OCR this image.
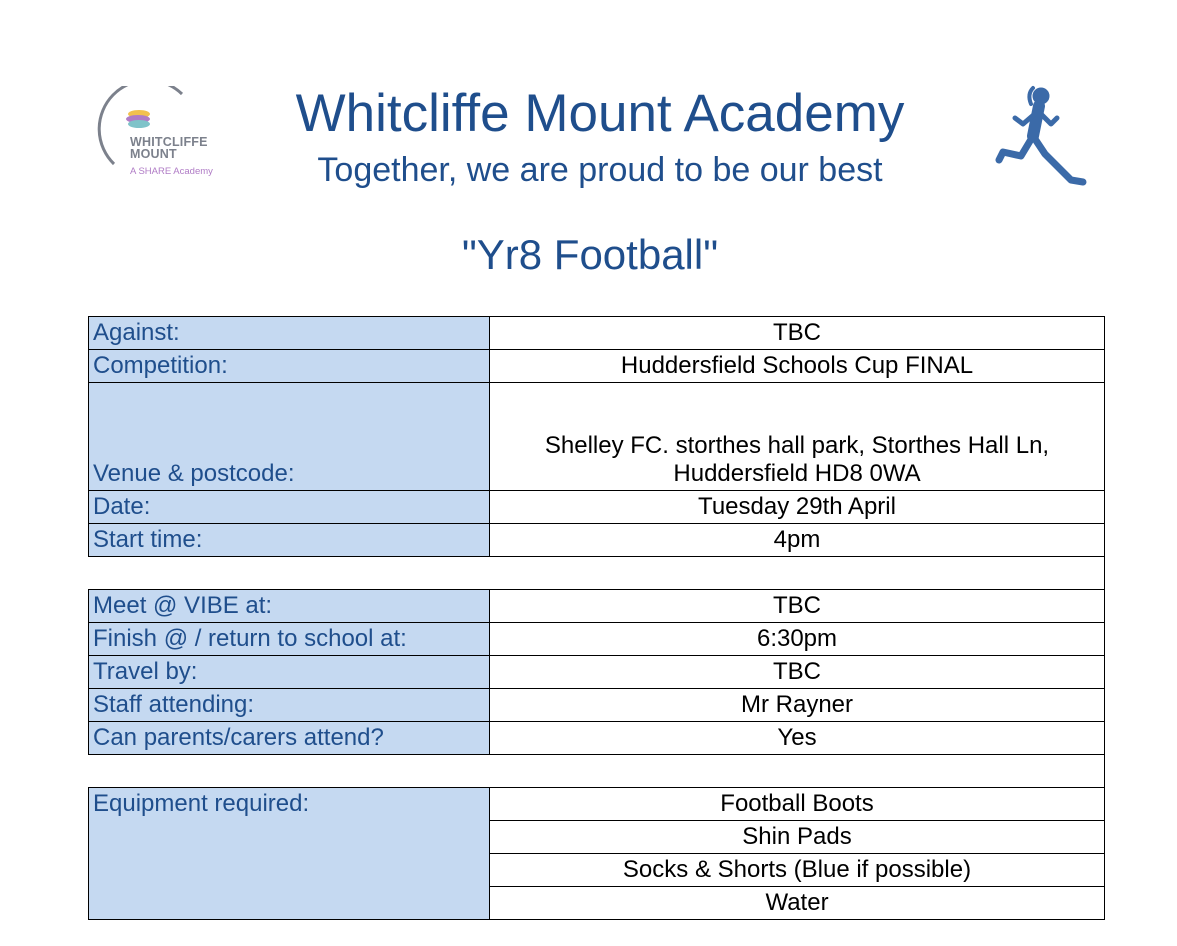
WHITCLIFFE
MOUNT
A SHARE Academy
Whitcliffe Mount Academy
Together, we are proud to be our best
"Yr8 Football"
Against:	TBC
Competition:	Huddersfield Schools Cup FINAL
Venue & postcode:	Shelley FC. storthes hall park, Storthes Hall Ln,
Huddersfield HD8 0WA
Date:	Tuesday 29th April
Start time:	4pm

Meet @ VIBE at:	TBC
Finish @ / return to school at:	6:30pm
Travel by:	TBC
Staff attending:	Mr Rayner
Can parents/carers attend?	Yes

Equipment required:	Football Boots
	Shin Pads
	Socks & Shorts (Blue if possible)
	Water
